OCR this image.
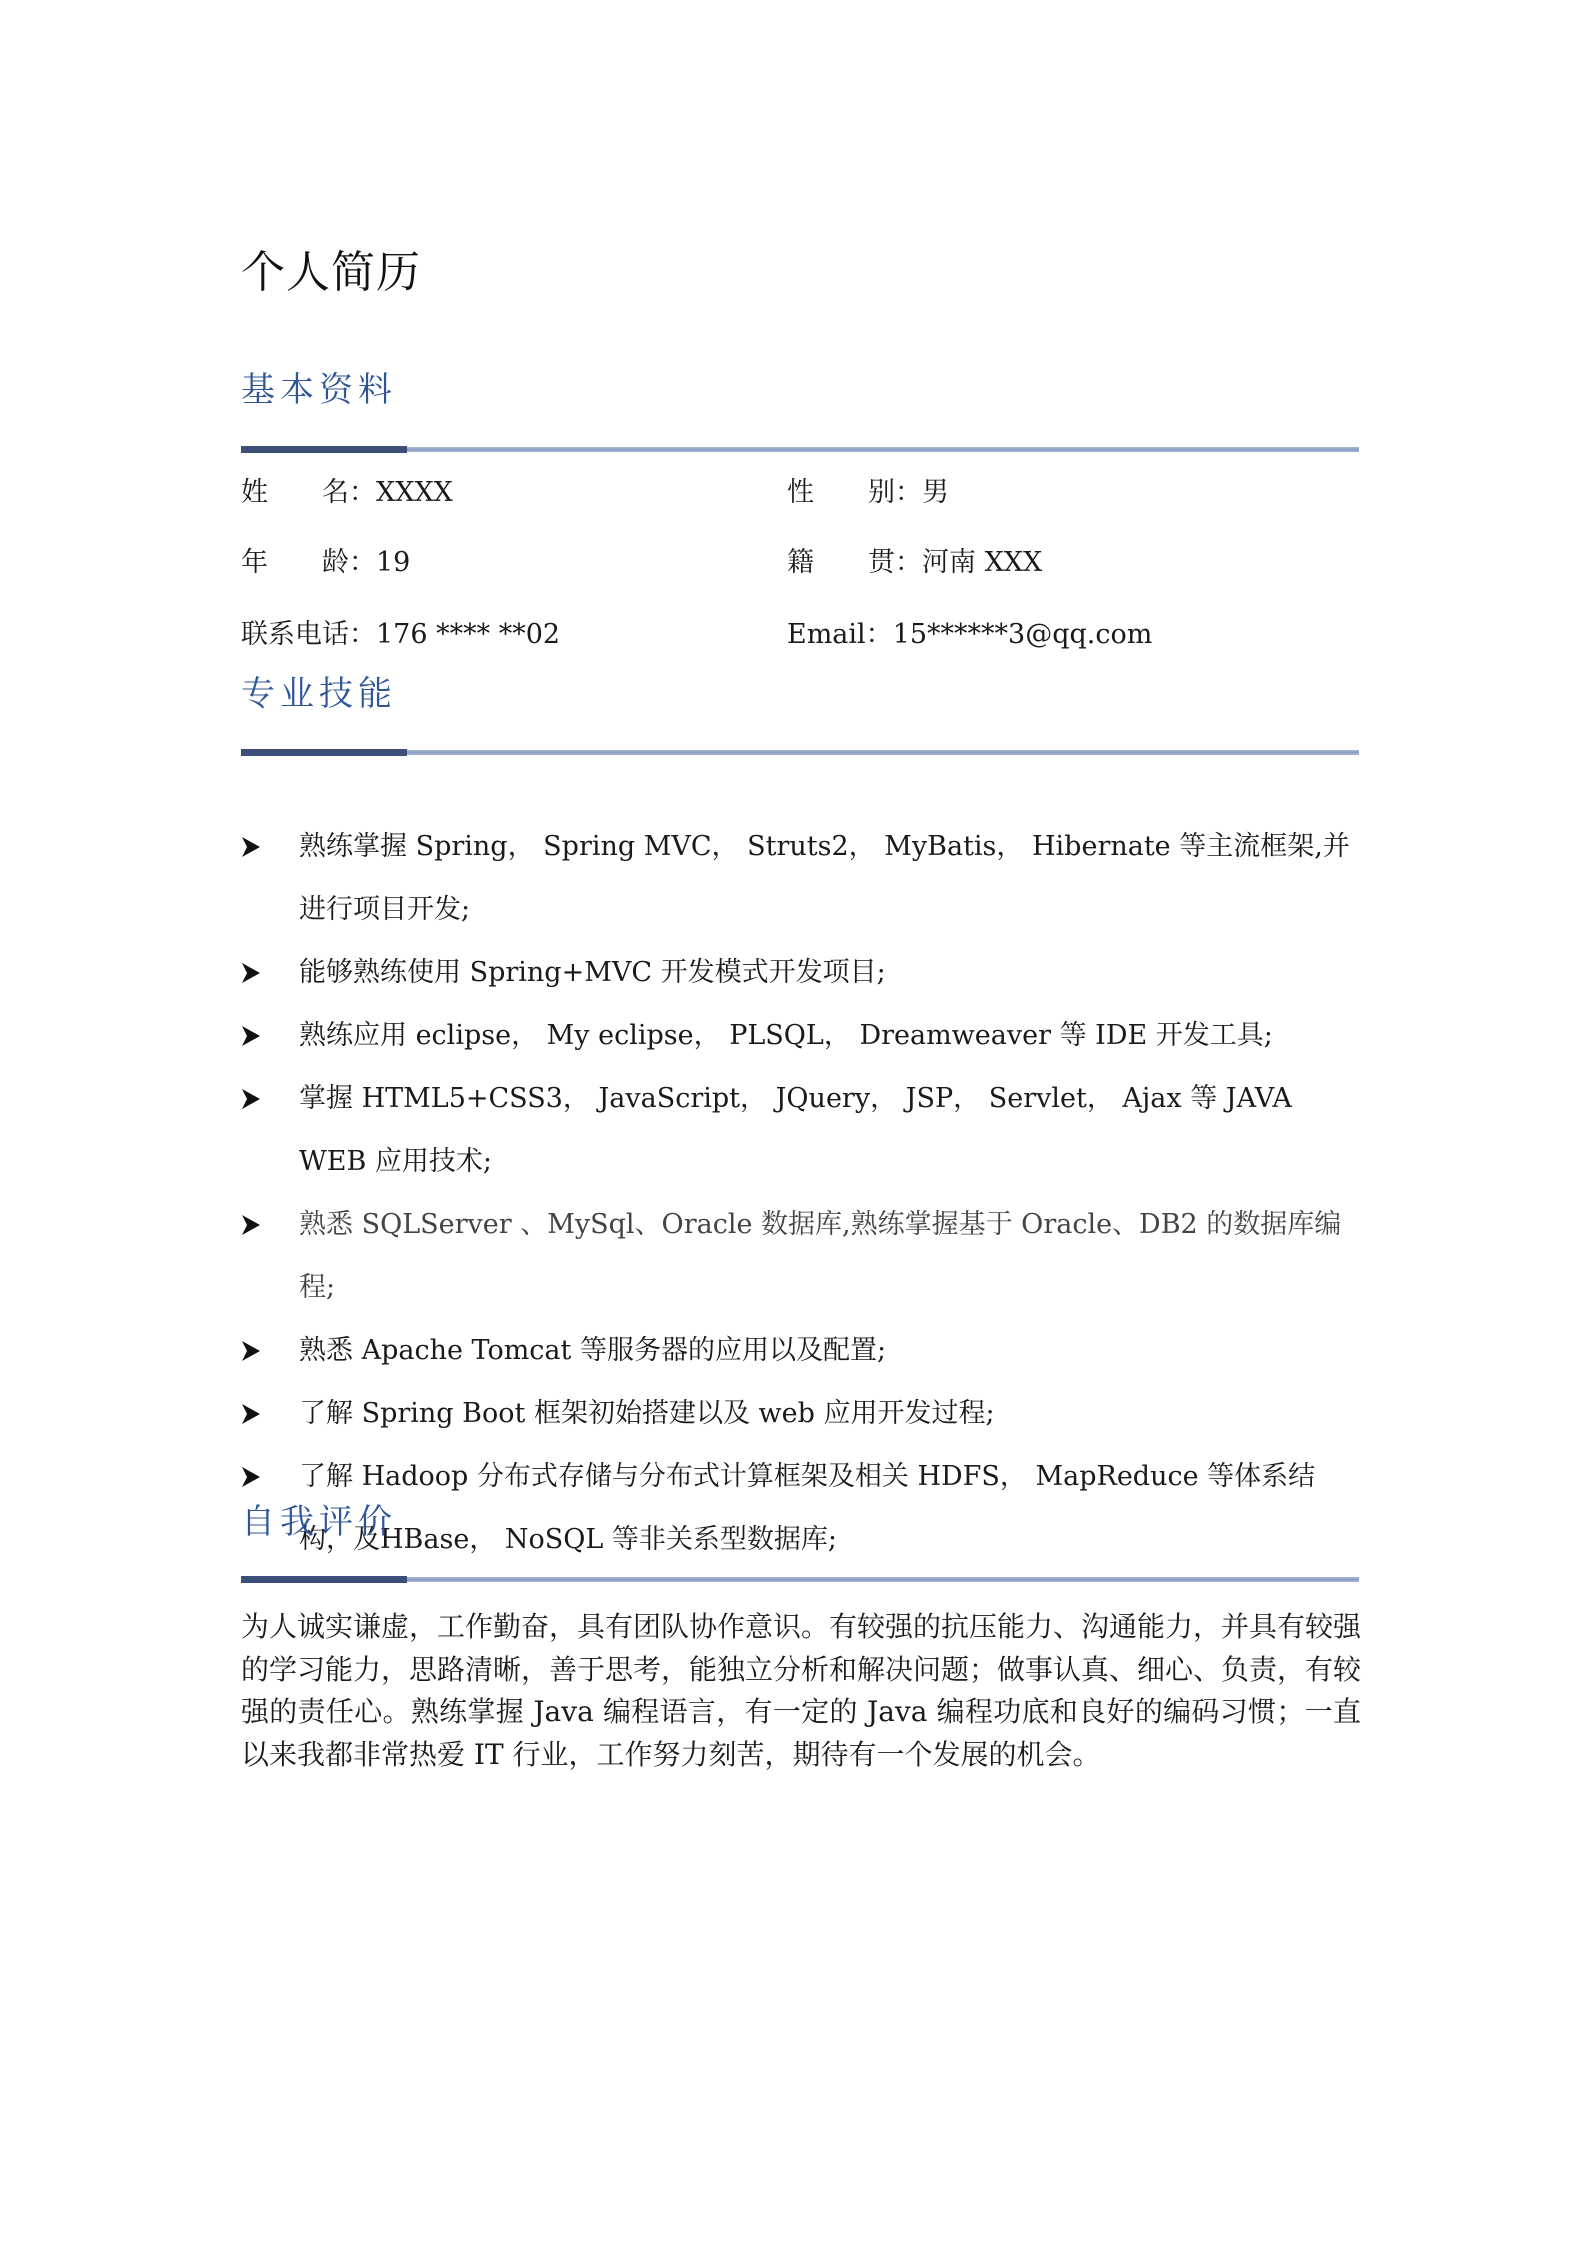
个人简历
基本资料
姓　　名：XXXX	性　　别：男
年　　龄：19	籍　　贯：河南 XXX
联系电话：176 **** **02	Email：15******3@qq.com
专业技能
熟练掌握 Spring， Spring MVC， Struts2， MyBatis， Hibernate 等主流框架,并进行项目开发;
能够熟练使用 Spring+MVC 开发模式开发项目;
熟练应用 eclipse， My eclipse， PLSQL， Dreamweaver 等 IDE 开发工具;
掌握 HTML5+CSS3， JavaScript， JQuery， JSP， Servlet， Ajax 等 JAVA WEB 应用技术;
熟悉 SQLServer 、MySql、Oracle 数据库,熟练掌握基于 Oracle、DB2 的数据库编程;
熟悉 Apache Tomcat 等服务器的应用以及配置;
了解 Spring Boot 框架初始搭建以及 web 应用开发过程;
了解 Hadoop 分布式存储与分布式计算框架及相关 HDFS， MapReduce 等体系结构，及HBase， NoSQL 等非关系型数据库;
自我评价

为人诚实谦虚，工作勤奋，具有团队协作意识。有较强的抗压能力、沟通能力，并具有较强的学习能力，思路清晰，善于思考，能独立分析和解决问题；做事认真、细心、负责，有较强的责任心。熟练掌握 Java 编程语言，有一定的 Java 编程功底和良好的编码习惯；一直以来我都非常热爱 IT 行业，工作努力刻苦，期待有一个发展的机会。
